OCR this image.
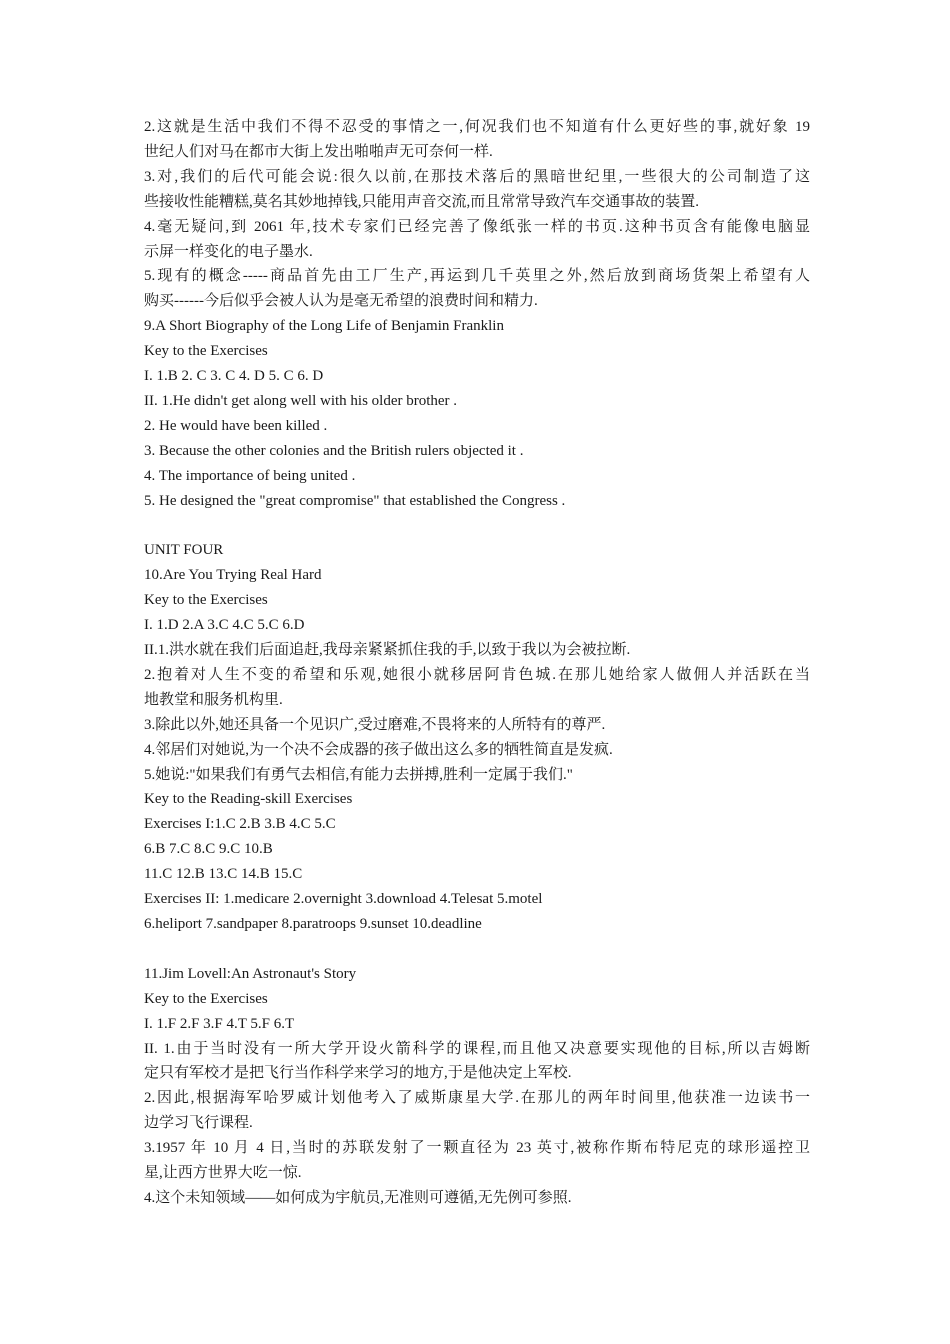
2.这就是生活中我们不得不忍受的事情之一,何况我们也不知道有什么更好些的事,就好象 19
世纪人们对马在都市大街上发出啪啪声无可奈何一样.
3.对,我们的后代可能会说:很久以前,在那技术落后的黑暗世纪里,一些很大的公司制造了这
些接收性能糟糕,莫名其妙地掉钱,只能用声音交流,而且常常导致汽车交通事故的装置.
4.毫无疑问,到 2061 年,技术专家们已经完善了像纸张一样的书页.这种书页含有能像电脑显
示屏一样变化的电子墨水.
5.现有的概念-----商品首先由工厂生产,再运到几千英里之外,然后放到商场货架上希望有人
购买------今后似乎会被人认为是毫无希望的浪费时间和精力.
9.A Short Biography of the Long Life of Benjamin Franklin
Key to the Exercises
I. 1.B 2. C 3. C 4. D 5. C 6. D
II. 1.He didn't get along well with his older brother .
2. He would have been killed .
3. Because the other colonies and the British rulers objected it .
4. The importance of being united .
5. He designed the "great compromise" that established the Congress .
UNIT FOUR
10.Are You Trying Real Hard
Key to the Exercises
I. 1.D 2.A 3.C 4.C 5.C 6.D
II.1.洪水就在我们后面追赶,我母亲紧紧抓住我的手,以致于我以为会被拉断.
2.抱着对人生不变的希望和乐观,她很小就移居阿肯色城.在那儿她给家人做佣人并活跃在当
地教堂和服务机构里.
3.除此以外,她还具备一个见识广,受过磨难,不畏将来的人所特有的尊严.
4.邻居们对她说,为一个决不会成器的孩子做出这么多的牺牲简直是发疯.
5.她说:"如果我们有勇气去相信,有能力去拼搏,胜利一定属于我们."
Key to the Reading-skill Exercises
Exercises I:1.C 2.B 3.B 4.C 5.C
6.B 7.C 8.C 9.C 10.B
11.C 12.B 13.C 14.B 15.C
Exercises II: 1.medicare 2.overnight 3.download 4.Telesat 5.motel
6.heliport 7.sandpaper 8.paratroops 9.sunset 10.deadline
11.Jim Lovell:An Astronaut's Story
Key to the Exercises
I. 1.F 2.F 3.F 4.T 5.F 6.T
II. 1.由于当时没有一所大学开设火箭科学的课程,而且他又决意要实现他的目标,所以吉姆断
定只有军校才是把飞行当作科学来学习的地方,于是他决定上军校.
2.因此,根据海军哈罗威计划他考入了威斯康星大学.在那儿的两年时间里,他获准一边读书一
边学习飞行课程.
3.1957 年 10 月 4 日,当时的苏联发射了一颗直径为 23 英寸,被称作斯布特尼克的球形遥控卫
星,让西方世界大吃一惊.
4.这个未知领域——如何成为宇航员,无准则可遵循,无先例可参照.
